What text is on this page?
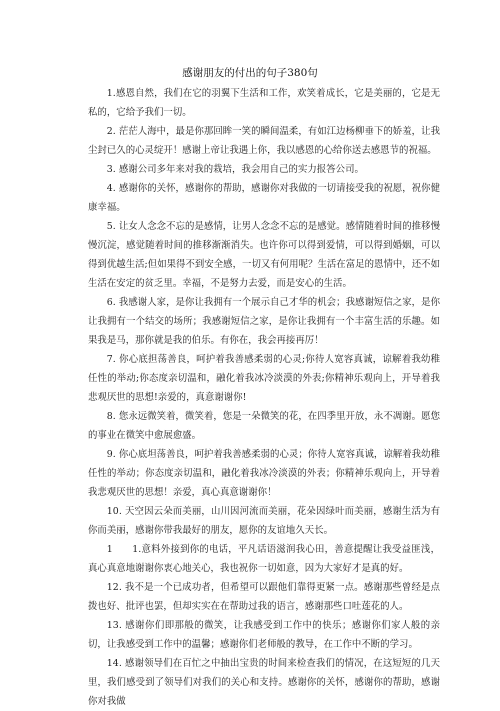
感谢朋友的付出的句子380句

1.感恩自然，我们在它的羽翼下生活和工作，欢笑着成长，它是美丽的，它是无私的，它给予我们一切。

2. 茫茫人海中，最是你那回眸一笑的瞬间温柔，有如江边杨柳垂下的娇羞，让我尘封已久的心灵绽开！感谢上帝让我遇上你，我以感恩的心给你送去感恩节的祝福。

3. 感谢公司多年来对我的栽培，我会用自己的实力报答公司。

4. 感谢你的关怀，感谢你的帮助，感谢你对我做的一切请接受我的祝愿，祝你健康幸福。

5. 让女人念念不忘的是感情，让男人念念不忘的是感觉。感情随着时间的推移慢慢沉淀，感觉随着时间的推移渐渐消失。也许你可以得到爱情，可以得到婚姻，可以得到优越生活;但如果得不到安全感，一切又有何用呢？生活在富足的恩情中，还不如生活在安定的贫乏里。幸福，不是努力去爱，而是安心的生活。

6. 我感谢人家，是你让我拥有一个展示自己才华的机会；我感谢短信之家，是你让我拥有一个结交的场所；我感谢短信之家，是你让我拥有一个丰富生活的乐趣。如果我是马，那你就是我的伯乐。有你在，我会再接再厉！

7. 你心底担荡善良，呵护着我善感柔弱的心灵;你待人宽容真诚，谅解着我幼稚任性的举动;你态度亲切温和，融化着我冰冷淡漠的外表;你精神乐观向上，开导着我悲观厌世的思想!亲爱的，真意谢谢你!

8. 您永远微笑着，微笑着，您是一朵微笑的花，在四季里开放，永不凋谢。愿您的事业在微笑中愈展愈盛。

9. 你心底坦荡善良，呵护着我善感柔弱的心灵；你待人宽容真诚，谅解着我幼稚任性的举动；你态度亲切温和，融化着我冰冷淡漠的外表；你精神乐观向上，开导着我悲观厌世的思想！亲爱，真心真意谢谢你！

10. 天空因云朵而美丽，山川因河流而美丽，花朵因绿叶而美丽，感谢生活为有你而美丽，感谢你带我最好的朋友，愿你的友谊地久天长。

1　　1.意料外接到你的电话，平凡话语滋润我心田，善意提醒让我受益匪浅，真心真意地谢谢你衷心地关心，我也祝你一切如意，因为大家好才是真的好。

12. 我不是一个已成功者，但希望可以跟他们靠得更紧一点。感谢那些曾经是点拨也好、批评也罢，但却实实在在帮助过我的语言，感谢那些口吐莲花的人。

13. 感谢你们即那般的微笑，让我感受到工作中的快乐；感谢你们家人般的亲切，让我感受到工作中的温馨；感谢你们老师般的教导，在工作中不断的学习。

14. 感谢领导们在百忙之中抽出宝贵的时间来检查我们的情况，在这短短的几天里，我们感受到了领导们对我们的关心和支持。感谢你的关怀，感谢你的帮助，感谢你对我做
